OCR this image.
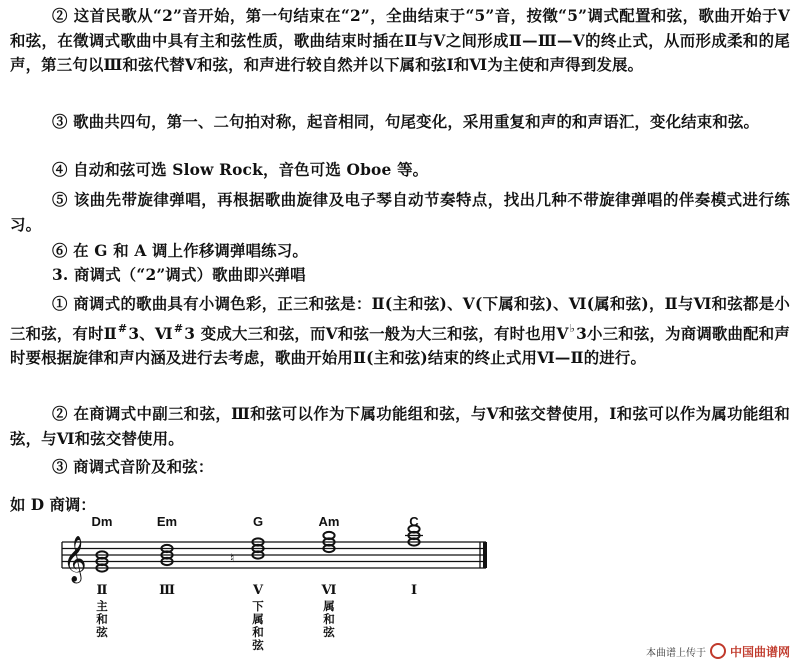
② 这首民歌从“2”音开始，第一句结束在“2”，全曲结束于“5”音，按徵“5”调式配置和弦，歌曲开始于Ⅴ和弦，在徵调式歌曲中具有主和弦性质，歌曲结束时插在Ⅱ与Ⅴ之间形成Ⅱ—Ⅲ—Ⅴ的终止式，从而形成柔和的尾声，第三句以Ⅲ和弦代替Ⅴ和弦，和声进行较自然并以下属和弦Ⅰ和Ⅵ为主使和声得到发展。
③ 歌曲共四句，第一、二句拍对称，起音相同，句尾变化，采用重复和声的和声语汇，变化结束和弦。
④ 自动和弦可选 Slow Rock，音色可选 Oboe 等。
⑤ 该曲先带旋律弹唱，再根据歌曲旋律及电子琴自动节奏特点，找出几种不带旋律弹唱的伴奏模式进行练习。
⑥ 在 G 和 A 调上作移调弹唱练习。
3. 商调式（“2”调式）歌曲即兴弹唱
① 商调式的歌曲具有小调色彩，正三和弦是：Ⅱ(主和弦)、Ⅴ(下属和弦)、Ⅵ(属和弦)，Ⅱ与Ⅵ和弦都是小三和弦，有时Ⅱ#3、Ⅵ#3 变成大三和弦，而Ⅴ和弦一般为大三和弦，有时也用Ⅴ♭3小三和弦，为商调歌曲配和声时要根据旋律和声内涵及进行去考虑，歌曲开始用Ⅱ(主和弦)结束的终止式用Ⅵ—Ⅱ的进行。
② 在商调式中副三和弦，Ⅲ和弦可以作为下属功能组和弦，与Ⅴ和弦交替使用，Ⅰ和弦可以作为属功能组和弦，与Ⅵ和弦交替使用。
③ 商调式音阶及和弦：
如 D 商调：
𝄞	♮
Dm
Ⅱ
主和弦
Em
Ⅲ
G
Ⅴ
下属和弦
Am
Ⅵ
属和弦
C
Ⅰ
本曲谱上传于 中国曲谱网
